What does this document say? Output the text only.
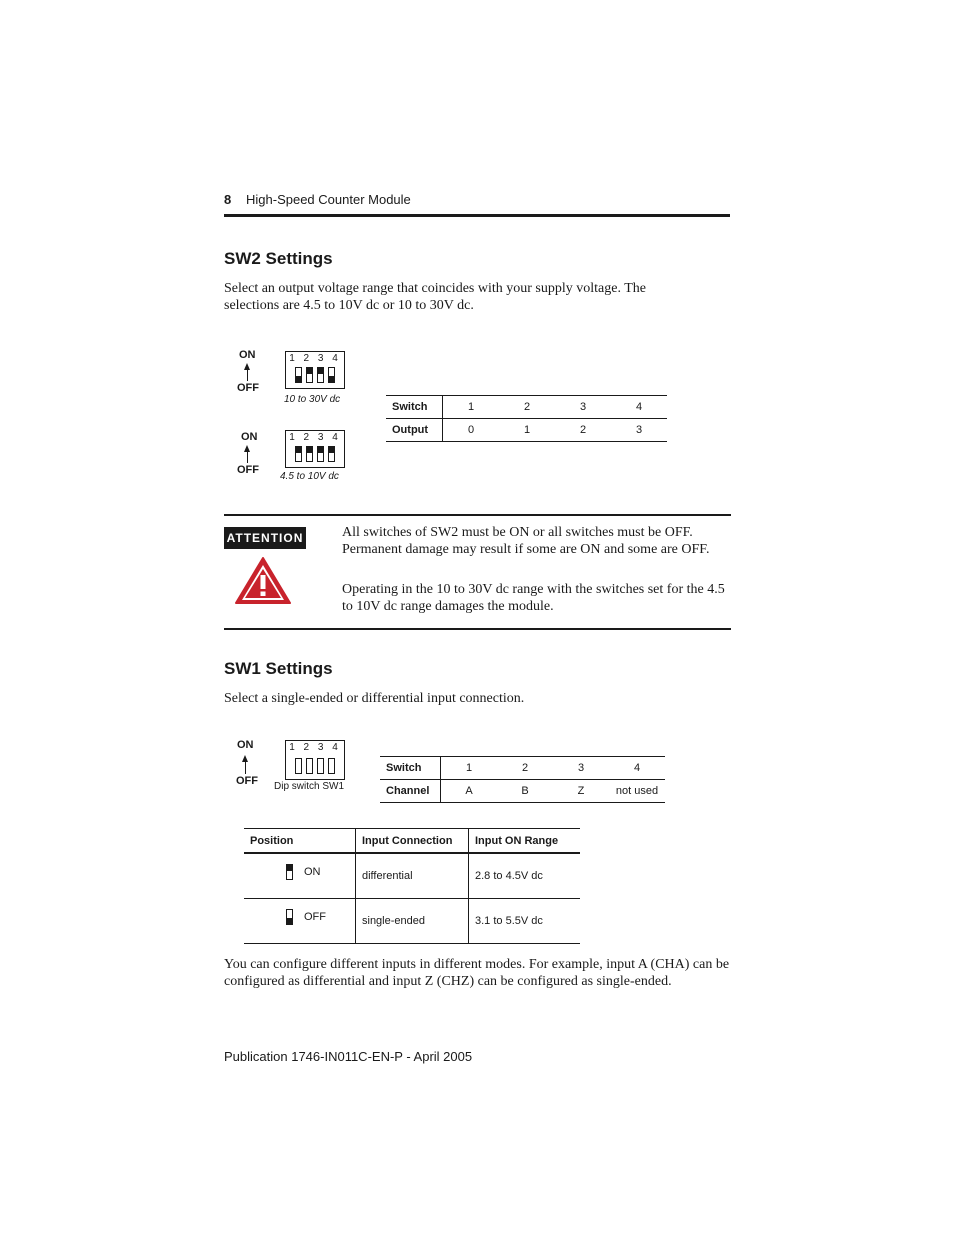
8 High-Speed Counter Module
SW2 Settings

Select an output voltage range that coincides with your supply voltage. The selections are 4.5 to 10V dc or 10 to 30V dc.

ON
OFF
1 2 3 4
10 to 30V dc
ON
OFF
1 2 3 4
4.5 to 10V dc
Switch	1	2	3	4
Output	0	1	2	3
ATTENTION	All switches of SW2 must be ON or all switches must be OFF. Permanent damage may result if some are ON and some are OFF.

Operating in the 10 to 30V dc range with the switches set for the 4.5 to 10V dc range damages the module.

SW1 Settings

Select a single-ended or differential input connection.

ON
OFF
1 2 3 4
Dip switch SW1
Switch	1	2	3	4
Channel	A	B	Z	not used
Position	Input Connection	Input ON Range

ON	differential	2.8 to 4.5V dc

OFF	single-ended	3.1 to 5.5V dc

You can configure different inputs in different modes. For example, input A (CHA) can be configured as differential and input Z (CHZ) can be configured as single-ended.

Publication 1746-IN011C-EN-P - April 2005
